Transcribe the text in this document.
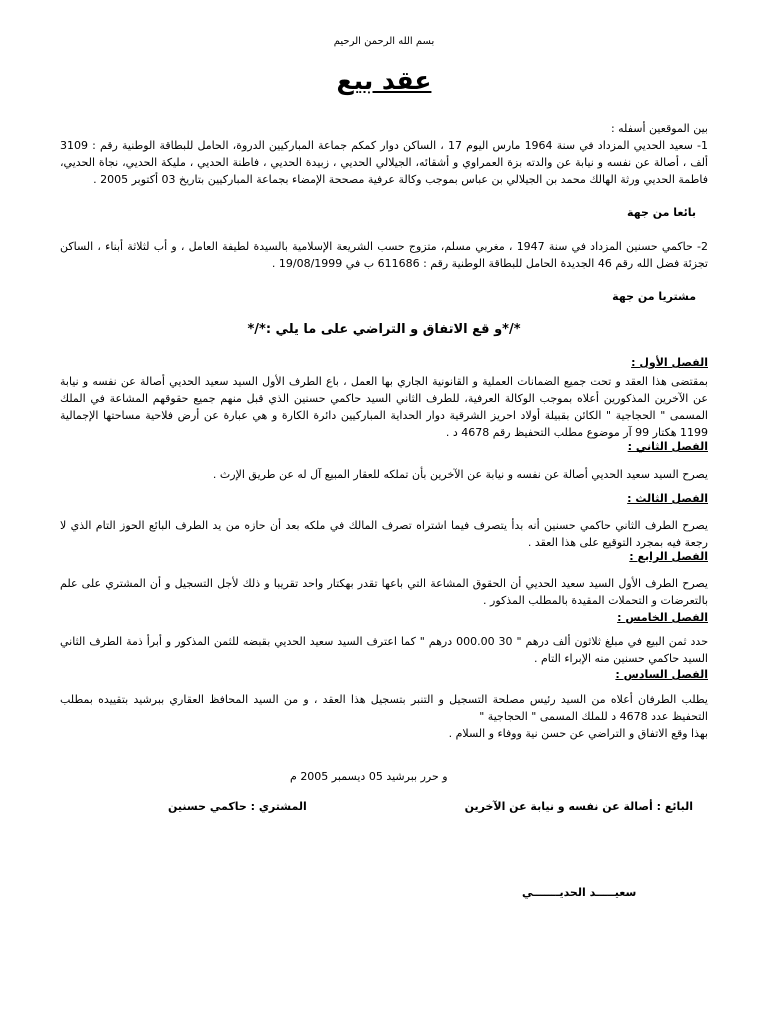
بسم الله الرحمن الرحيم
عقد بيع
بين الموقعين أسفله :
1- سعيد الحديي المزداد في سنة 1964 مارس اليوم 17 ، الساكن دوار كمكم جماعة المباركيين الدروة، الحامل للبطاقة الوطنية رقم : 3109 ألف ، أصالة عن نفسه و نيابة عن والدته بزة العمراوي و أشقائه، الجيلالي الحديي ، زبيدة الحديي ، فاطنة الحديي ، مليكة الحديي، نجاة الحديي، فاطمة الحديي ورثة الهالك محمد بن الجيلالي بن عباس بموجب وكالة عرفية مصححة الإمضاء بجماعة المباركيين بتاريخ 03 أكتوبر 2005 .
بائعا من جهة
2- حاكمي حسنين المزداد في سنة 1947 ، مغربي مسلم، متزوج حسب الشريعة الإسلامية بالسيدة لطيفة العامل ، و أب لثلاثة أبناء ، الساكن تجزئة فضل الله رقم 46 الجديدة الحامل للبطاقة الوطنية رقم : 611686 ب في 19/08/1999 .
مشتريا من جهة
*/*و قع الاتفاق و التراضي على ما يلي :*/*
الفصل الأول :
بمقتضى هذا العقد و تحت جميع الضمانات العملية و القانونية الجاري بها العمل ، باع الطرف الأول السيد سعيد الحديي أصالة عن نفسه و نيابة عن الآخرين المذكورين أعلاه بموجب الوكالة العرفية، للطرف الثاني السيد حاكمي حسنين الذي قبل منهم جميع حقوقهم المشاعة في الملك المسمى " الحجاجية " الكائن بقبيلة أولاد احريز الشرقية دوار الحداية المباركيين دائرة الكارة و هي عبارة عن أرض فلاحية مساحتها الإجمالية 1199 هكتار 99 آر موضوع مطلب التحفيظ رقم 4678 د .
الفصل الثاني :
يصرح السيد سعيد الحديي أصالة عن نفسه و نيابة عن الآخرين بأن تملكه للعقار المبيع آل له عن طريق الإرث .
الفصل الثالث :
يصرح الطرف الثاني حاكمي حسنين أنه بدأ يتصرف فيما اشتراه تصرف المالك في ملكه بعد أن حازه من يد الطرف البائع الحوز التام الذي لا رجعة فيه بمجرد التوقيع على هذا العقد .
الفصل الرابع :
يصرح الطرف الأول السيد سعيد الحديي أن الحقوق المشاعة التي باعها تقدر بهكتار واحد تقريبا و ذلك لأجل التسجيل و أن المشتري على علم بالتعرضات و التحملات المقيدة بالمطلب المذكور .
الفصل الخامس :
حدد ثمن البيع في مبلغ ثلاثون ألف درهم " 30 000.00 درهم " كما اعترف السيد سعيد الحديي بقبضه للثمن المذكور و أبرأ ذمة الطرف الثاني السيد حاكمي حسنين منه الإبراء التام .
الفصل السادس :
يطلب الطرفان أعلاه من السيد رئيس مصلحة التسجيل و التنبر بتسجيل هذا العقد ، و من السيد المحافظ العقاري ببرشيد بتقييده بمطلب التحفيظ عدد 4678 د للملك المسمى " الحجاجية "
بهذا وقع الاتفاق و التراضي عن حسن نية ووفاء و السلام .
و حرر ببرشيد 05 ديسمبر 2005 م
البائع : أصالة عن نفسه و نيابة عن الآخرين
المشتري : حاكمي حسنين
سعيـــــد الحديـــــــي
